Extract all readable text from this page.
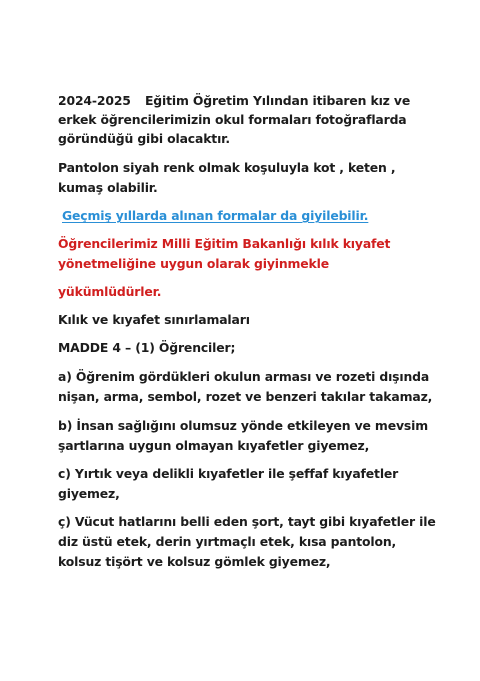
2024-2025 Eğitim Öğretim Yılından itibaren kız ve
erkek öğrencilerimizin okul formaları fotoğraflarda
göründüğü gibi olacaktır.
Pantolon siyah renk olmak koşuluyla kot , keten ,
kumaş olabilir.
Geçmiş yıllarda alınan formalar da giyilebilir.
Öğrencilerimiz Milli Eğitim Bakanlığı kılık kıyafet
yönetmeliğine uygun olarak giyinmekle
yükümlüdürler.
Kılık ve kıyafet sınırlamaları
MADDE 4 – (1) Öğrenciler;
a) Öğrenim gördükleri okulun arması ve rozeti dışında
nişan, arma, sembol, rozet ve benzeri takılar takamaz,
b) İnsan sağlığını olumsuz yönde etkileyen ve mevsim
şartlarına uygun olmayan kıyafetler giyemez,
c) Yırtık veya delikli kıyafetler ile şeffaf kıyafetler
giyemez,
ç) Vücut hatlarını belli eden şort, tayt gibi kıyafetler ile
diz üstü etek, derin yırtmaçlı etek, kısa pantolon,
kolsuz tişört ve kolsuz gömlek giyemez,
